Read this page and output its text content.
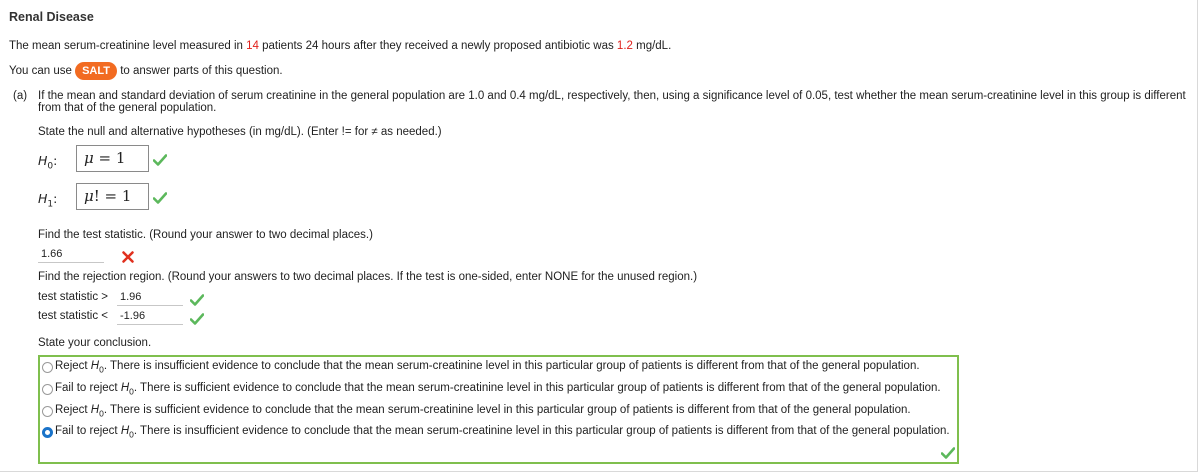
Renal Disease
The mean serum-creatinine level measured in 14 patients 24 hours after they received a newly proposed antibiotic was 1.2 mg/dL.
You can use SALT to answer parts of this question.
(a) If the mean and standard deviation of serum creatinine in the general population are 1.0 and 0.4 mg/dL, respectively, then, using a significance level of 0.05, test whether the mean serum-creatinine level in this group is different
from that of the general population.
State the null and alternative hypotheses (in mg/dL). (Enter != for ≠ as needed.)
$H_0$:	μ = 1
$H_1$:	μ! = 1
Find the test statistic. (Round your answer to two decimal places.)
1.66
Find the rejection region. (Round your answers to two decimal places. If the test is one-sided, enter NONE for the unused region.)
test statistic > 1.96
test statistic < -1.96
State your conclusion.
Reject $H_0$. There is insufficient evidence to conclude that the mean serum-creatinine level in this particular group of patients is different from that of the general population.
Fail to reject $H_0$. There is sufficient evidence to conclude that the mean serum-creatinine level in this particular group of patients is different from that of the general population.
Reject $H_0$. There is sufficient evidence to conclude that the mean serum-creatinine level in this particular group of patients is different from that of the general population.
Fail to reject $H_0$. There is insufficient evidence to conclude that the mean serum-creatinine level in this particular group of patients is different from that of the general population.
